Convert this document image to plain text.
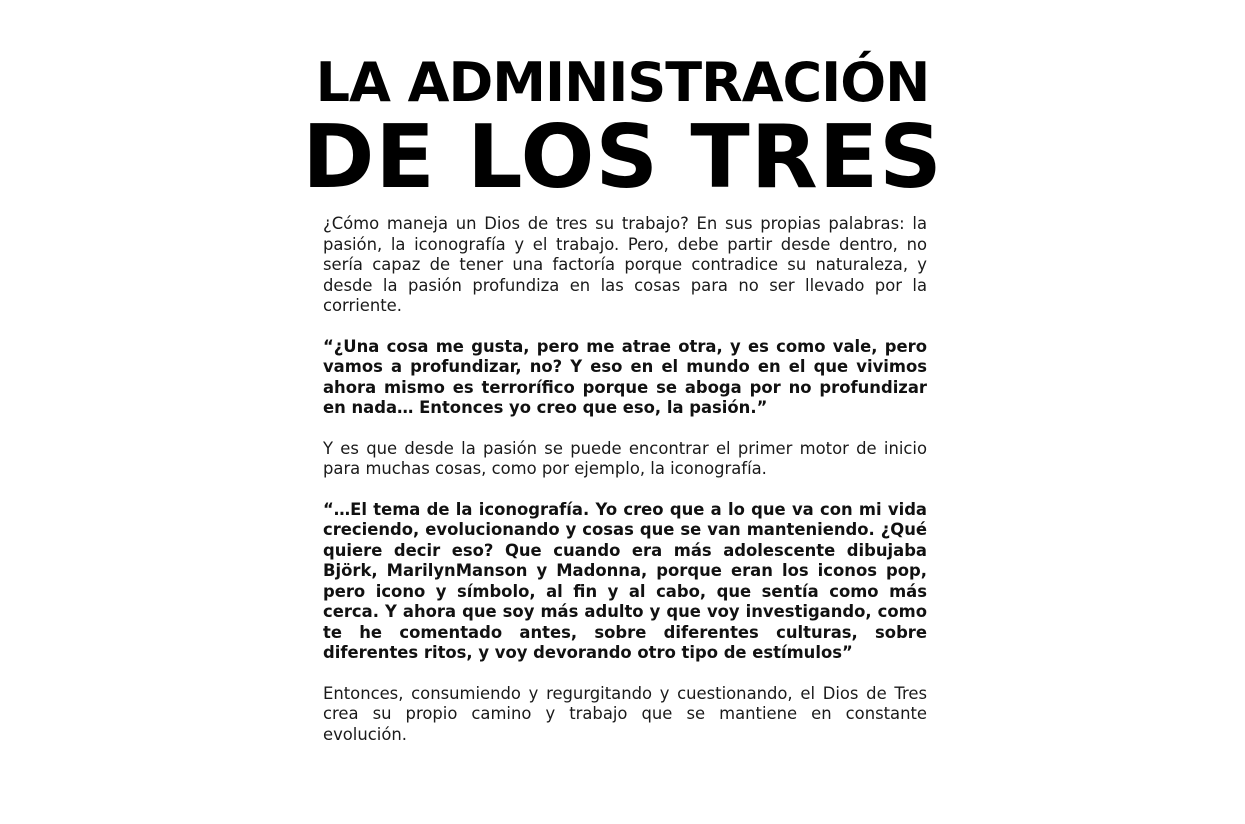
LA ADMINISTRACIÓN
DE LOS TRES

¿Cómo maneja un Dios de tres su trabajo? En sus propias palabras: la pasión, la iconografía y el trabajo. Pero, debe partir desde dentro, no sería capaz de tener una factoría porque contradice su naturaleza, y desde la pasión profundiza en las cosas para no ser llevado por la corriente.

“¿Una cosa me gusta, pero me atrae otra, y es como vale, pero vamos a profundizar, no? Y eso en el mundo en el que vivimos ahora mismo es terrorífico porque se aboga por no profundizar en nada… Entonces yo creo que eso, la pasión.”

Y es que desde la pasión se puede encontrar el primer motor de inicio para muchas cosas, como por ejemplo, la iconografía.

“…El tema de la iconografía. Yo creo que a lo que va con mi vida creciendo, evolucionando y cosas que se van manteniendo. ¿Qué quiere decir eso? Que cuando era más adolescente dibujaba Björk, MarilynManson y Madonna, porque eran los iconos pop, pero icono y símbolo, al fin y al cabo, que sentía como más cerca. Y ahora que soy más adulto y que voy investigando, como te he comentado antes, sobre diferentes culturas, sobre diferentes ritos, y voy devorando otro tipo de estímulos”

Entonces, consumiendo y regurgitando y cuestionando, el Dios de Tres crea su propio camino y trabajo que se mantiene en constante evolución.
